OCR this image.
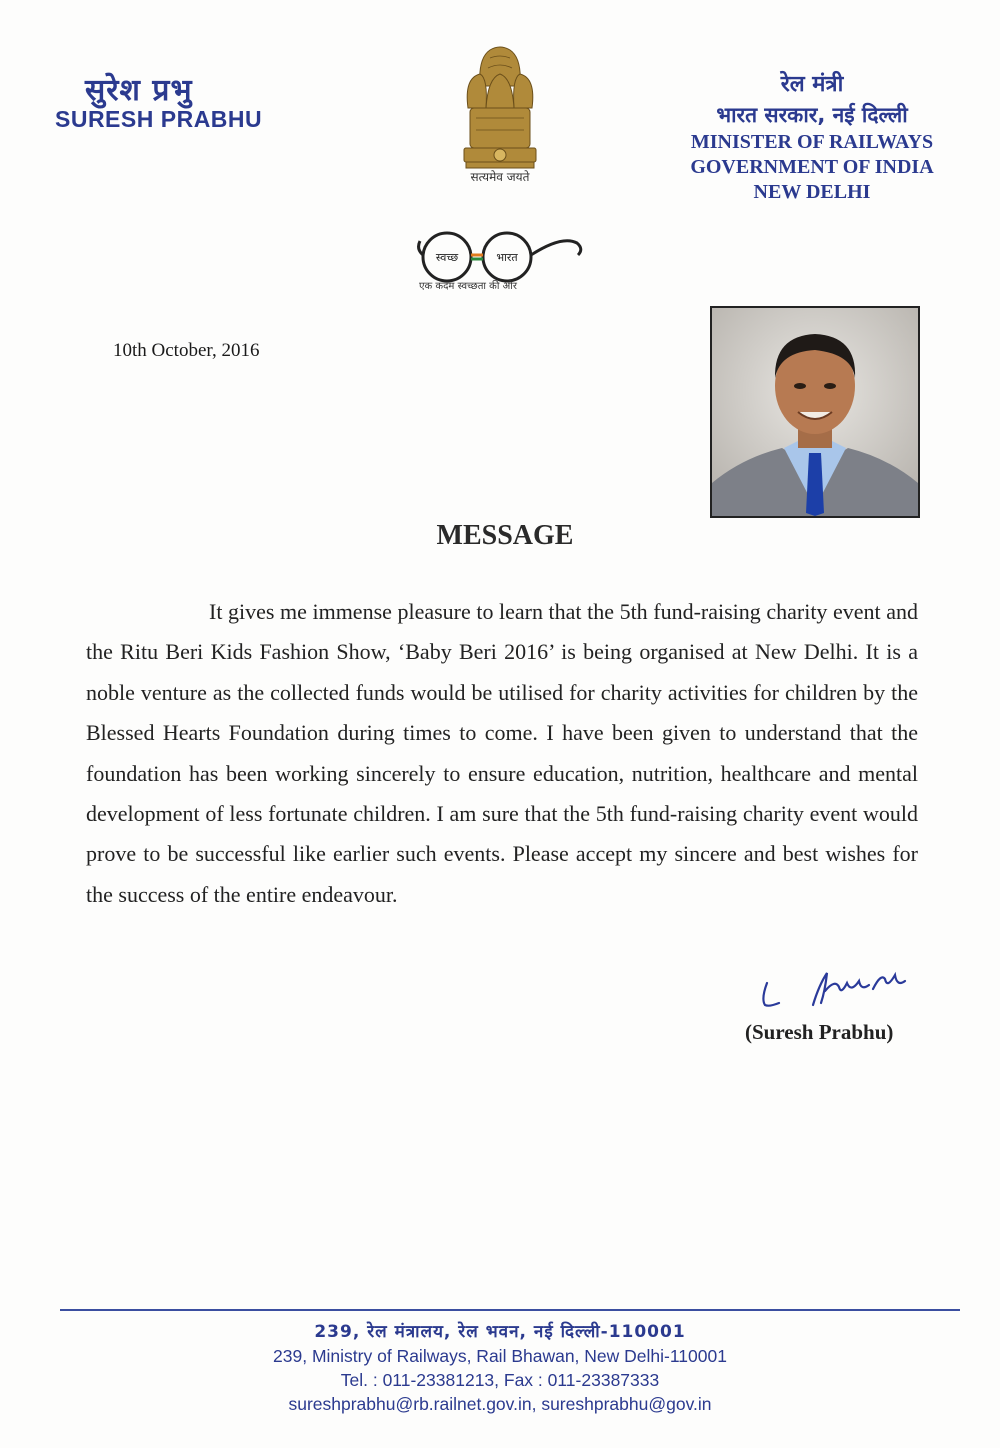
सुरेश प्रभु
SURESH PRABHU
सत्यमेव जयते
रेल मंत्री
भारत सरकार, नई दिल्ली
MINISTER OF RAILWAYS
GOVERNMENT OF INDIA
NEW DELHI
स्वच्छ	भारत
एक कदम स्वच्छता की ओर
10th October, 2016
MESSAGE
It gives me immense pleasure to learn that the 5th fund-raising charity event and the Ritu Beri Kids Fashion Show, ‘Baby Beri 2016’ is being organised at New Delhi. It is a noble venture as the collected funds would be utilised for charity activities for children by the Blessed Hearts Foundation during times to come. I have been given to understand that the foundation has been working sincerely to ensure education, nutrition, healthcare and mental development of less fortunate children. I am sure that the 5th fund-raising charity event would prove to be successful like earlier such events. Please accept my sincere and best wishes for the success of the entire endeavour.
(Suresh Prabhu)
239, रेल मंत्रालय, रेल भवन, नई दिल्ली-110001
239, Ministry of Railways, Rail Bhawan, New Delhi-110001
Tel. : 011-23381213, Fax : 011-23387333
sureshprabhu@rb.railnet.gov.in, sureshprabhu@gov.in
